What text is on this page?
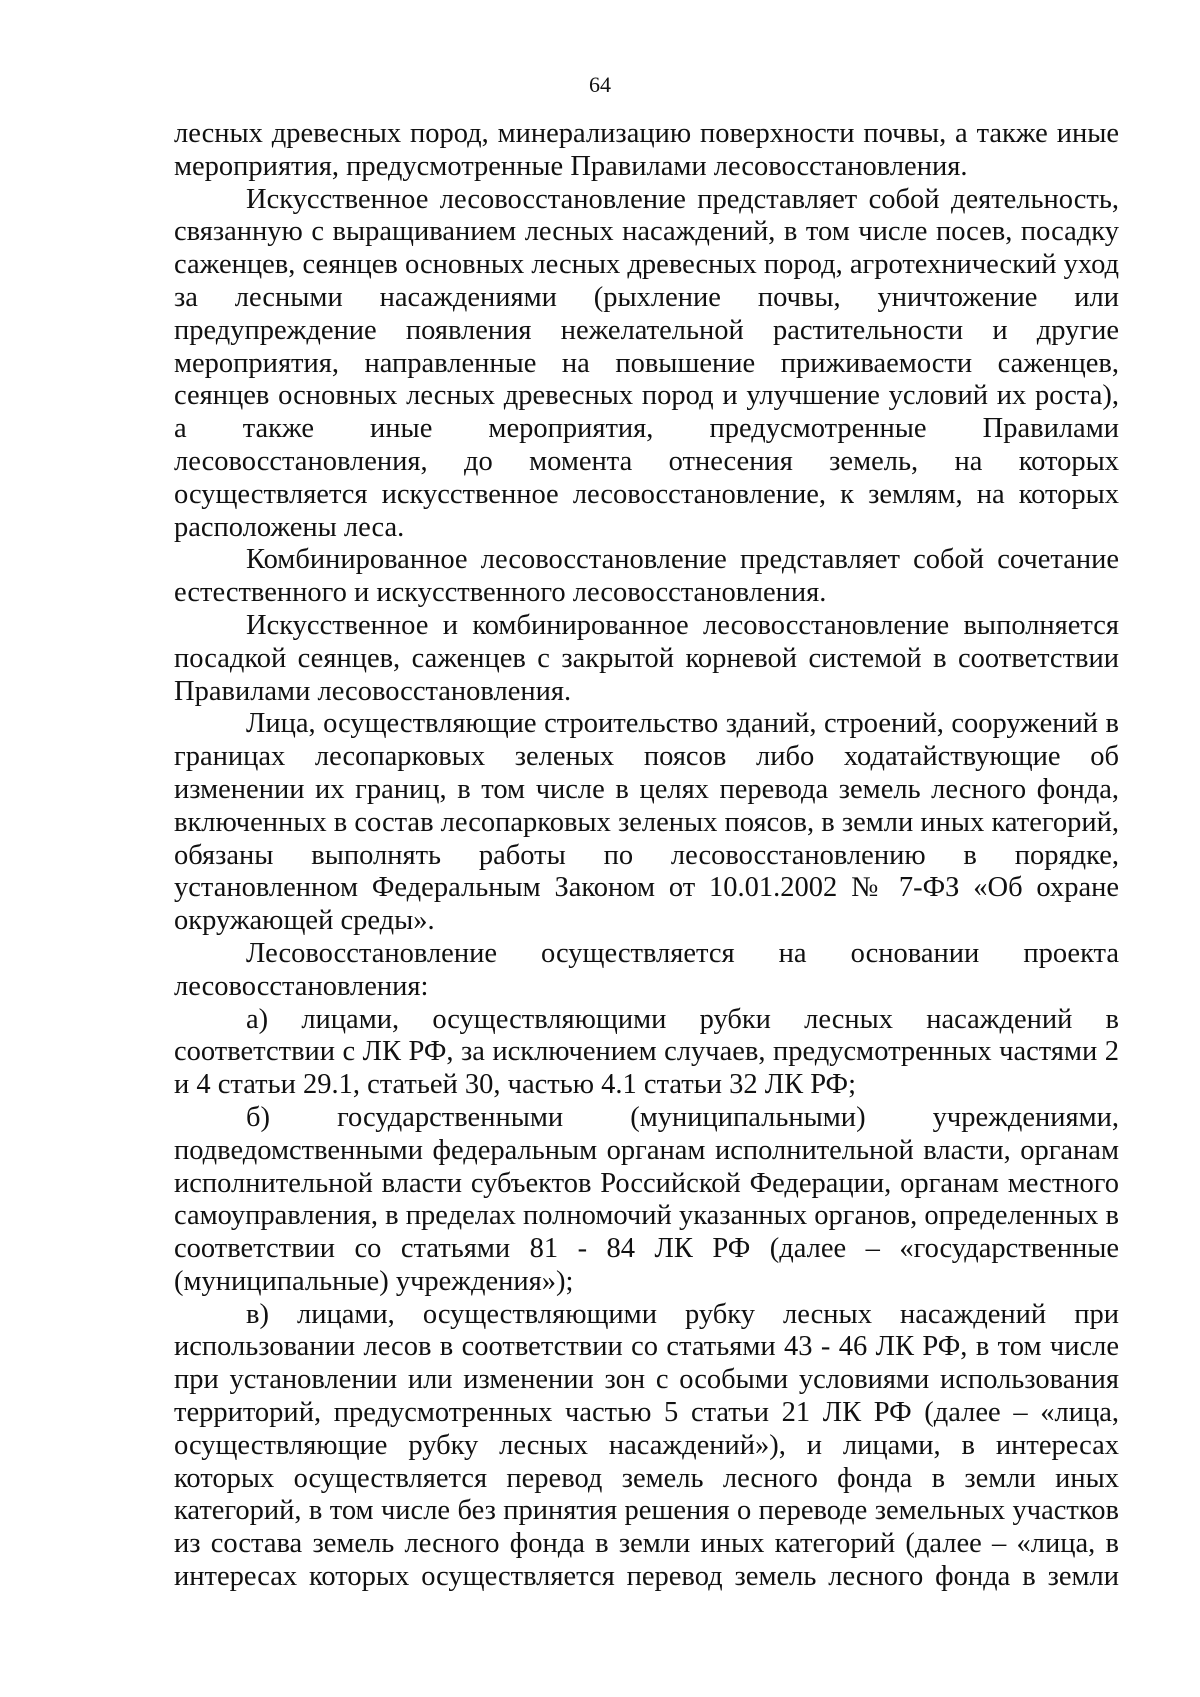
64

лесных древесных пород, минерализацию поверхности почвы, а также иные мероприятия, предусмотренные Правилами лесовосстановления.

Искусственное лесовосстановление представляет собой деятельность, связанную с выращиванием лесных насаждений, в том числе посев, посадку саженцев, сеянцев основных лесных древесных пород, агротехнический уход за лесными насаждениями (рыхление почвы, уничтожение или предупреждение появления нежелательной растительности и другие мероприятия, направленные на повышение приживаемости саженцев, сеянцев основных лесных древесных пород и улучшение условий их роста), а также иные мероприятия, предусмотренные Правилами лесовосстановления, до момента отнесения земель, на которых осуществляется искусственное лесовосстановление, к землям, на которых расположены леса.

Комбинированное лесовосстановление представляет собой сочетание естественного и искусственного лесовосстановления.

Искусственное и комбинированное лесовосстановление выполняется посадкой сеянцев, саженцев с закрытой корневой системой в соответствии Правилами лесовосстановления.

Лица, осуществляющие строительство зданий, строений, сооружений в границах лесопарковых зеленых поясов либо ходатайствующие об изменении их границ, в том числе в целях перевода земель лесного фонда, включенных в состав лесопарковых зеленых поясов, в земли иных категорий, обязаны выполнять работы по лесовосстановлению в порядке, установленном Федеральным Законом от 10.01.2002 № 7-ФЗ «Об охране окружающей среды».

Лесовосстановление осуществляется на основании проекта лесовосстановления:

а) лицами, осуществляющими рубки лесных насаждений в соответствии с ЛК РФ, за исключением случаев, предусмотренных частями 2 и 4 статьи 29.1, статьей 30, частью 4.1 статьи 32 ЛК РФ;

б) государственными (муниципальными) учреждениями, подведомственными федеральным органам исполнительной власти, органам исполнительной власти субъектов Российской Федерации, органам местного самоуправления, в пределах полномочий указанных органов, определенных в соответствии со статьями 81 - 84 ЛК РФ (далее – «государственные (муниципальные) учреждения»);

в) лицами, осуществляющими рубку лесных насаждений при использовании лесов в соответствии со статьями 43 - 46 ЛК РФ, в том числе при установлении или изменении зон с особыми условиями использования территорий, предусмотренных частью 5 статьи 21 ЛК РФ (далее – «лица, осуществляющие рубку лесных насаждений»), и лицами, в интересах которых осуществляется перевод земель лесного фонда в земли иных категорий, в том числе без принятия решения о переводе земельных участков из состава земель лесного фонда в земли иных категорий (далее – «лица, в интересах которых осуществляется перевод земель лесного фонда в земли
